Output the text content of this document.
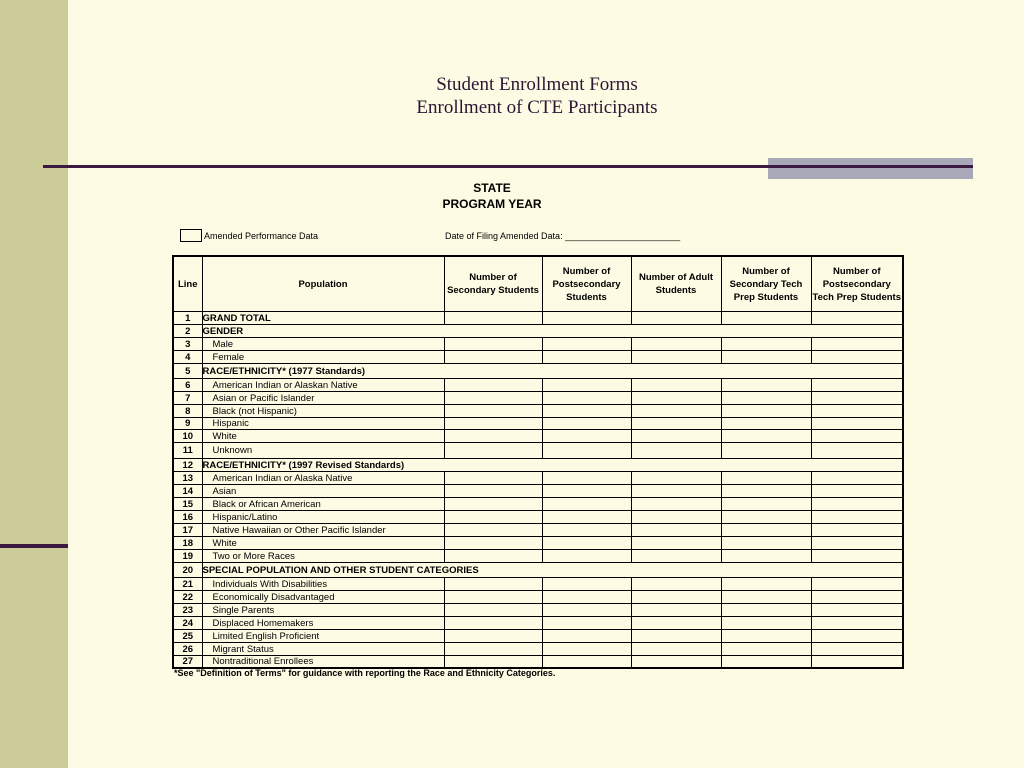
Student Enrollment Forms
Enrollment of CTE Participants
STATE
PROGRAM YEAR
Amended Performance Data	Date of Filing Amended Data: _______________________
Line	Population	Number of Secondary Students	Number of Postsecondary Students	Number of Adult Students	Number of Secondary Tech Prep Students	Number of Postsecondary Tech Prep Students
1	GRAND TOTAL					
2	GENDER					
3	Male					
4	Female					
5	RACE/ETHNICITY* (1977 Standards)					
6	American Indian or Alaskan Native					
7	Asian or Pacific Islander					
8	Black (not Hispanic)					
9	Hispanic					
10	White					
11	Unknown					
12	RACE/ETHNICITY* (1997 Revised Standards)					
13	American Indian or Alaska Native					
14	Asian					
15	Black or African American					
16	Hispanic/Latino					
17	Native Hawaiian or Other Pacific Islander					
18	White					
19	Two or More Races					
20	SPECIAL POPULATION AND OTHER STUDENT CATEGORIES					
21	Individuals With Disabilities					
22	Economically Disadvantaged					
23	Single Parents					
24	Displaced Homemakers					
25	Limited English Proficient					
26	Migrant Status					
27	Nontraditional Enrollees					
*See "Definition of Terms" for guidance with reporting the Race and Ethnicity Categories.
